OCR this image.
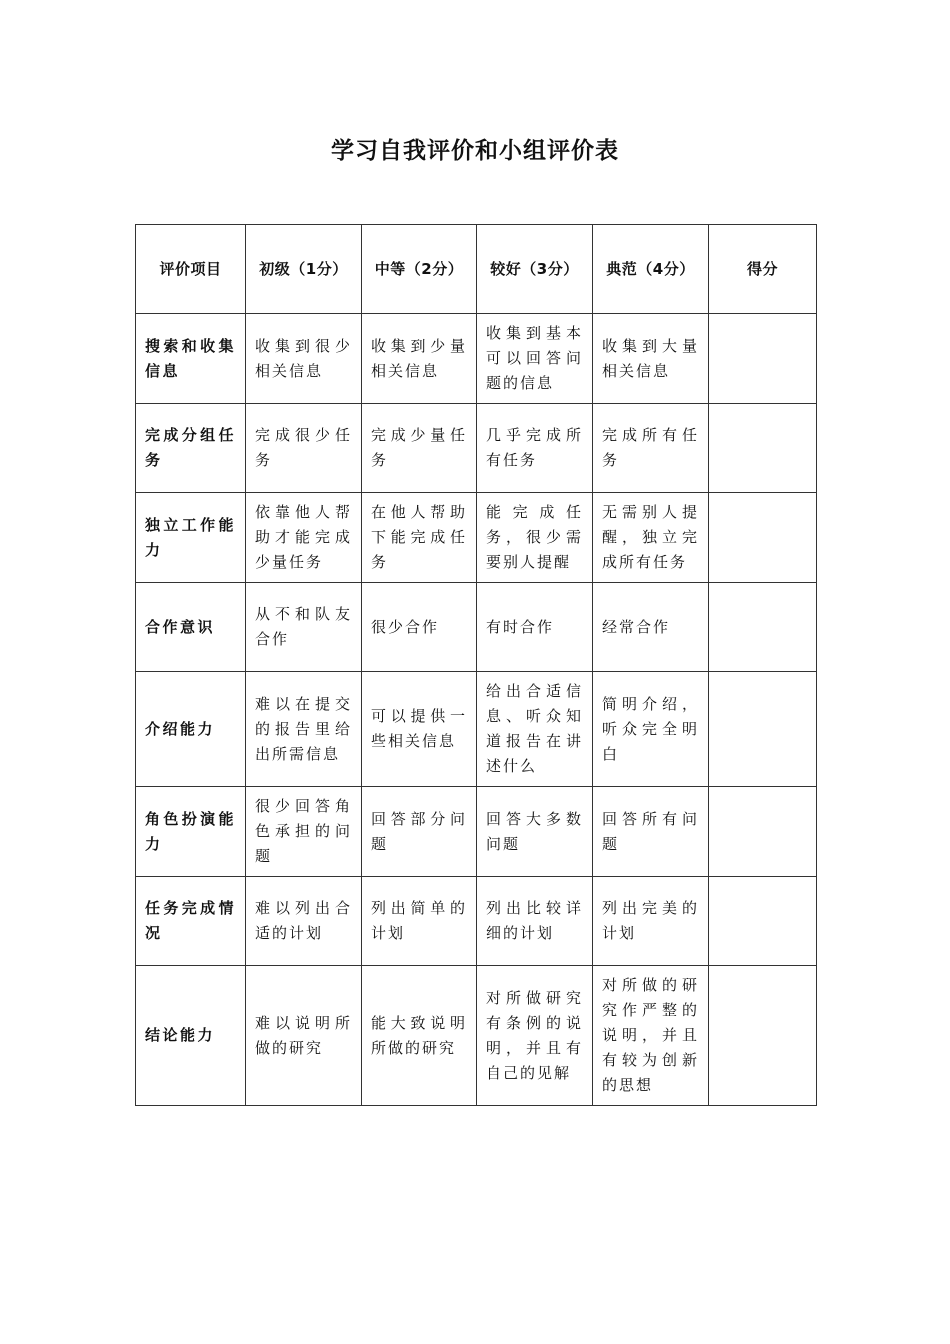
学习自我评价和小组评价表
评价项目	初级（1分）	中等（2分）	较好（3分）	典范（4分）	得分
搜索和收集信息	收集到很少相关信息	收集到少量相关信息	收集到基本可以回答问题的信息	收集到大量相关信息	
完成分组任务	完成很少任务	完成少量任务	几乎完成所有任务	完成所有任务	
独立工作能力	依靠他人帮助才能完成少量任务	在他人帮助下能完成任务	能完成任务，很少需要别人提醒	无需别人提醒，独立完成所有任务	
合作意识	从不和队友合作	很少合作	有时合作	经常合作	
介绍能力	难以在提交的报告里给出所需信息	可以提供一些相关信息	给出合适信息、听众知道报告在讲述什么	简明介绍，听众完全明白	
角色扮演能力	很少回答角色承担的问题	回答部分问题	回答大多数问题	回答所有问题	
任务完成情况	难以列出合适的计划	列出简单的计划	列出比较详细的计划	列出完美的计划	
结论能力	难以说明所做的研究	能大致说明所做的研究	对所做研究有条例的说明，并且有自己的见解	对所做的研究作严整的说明，并且有较为创新的思想	
